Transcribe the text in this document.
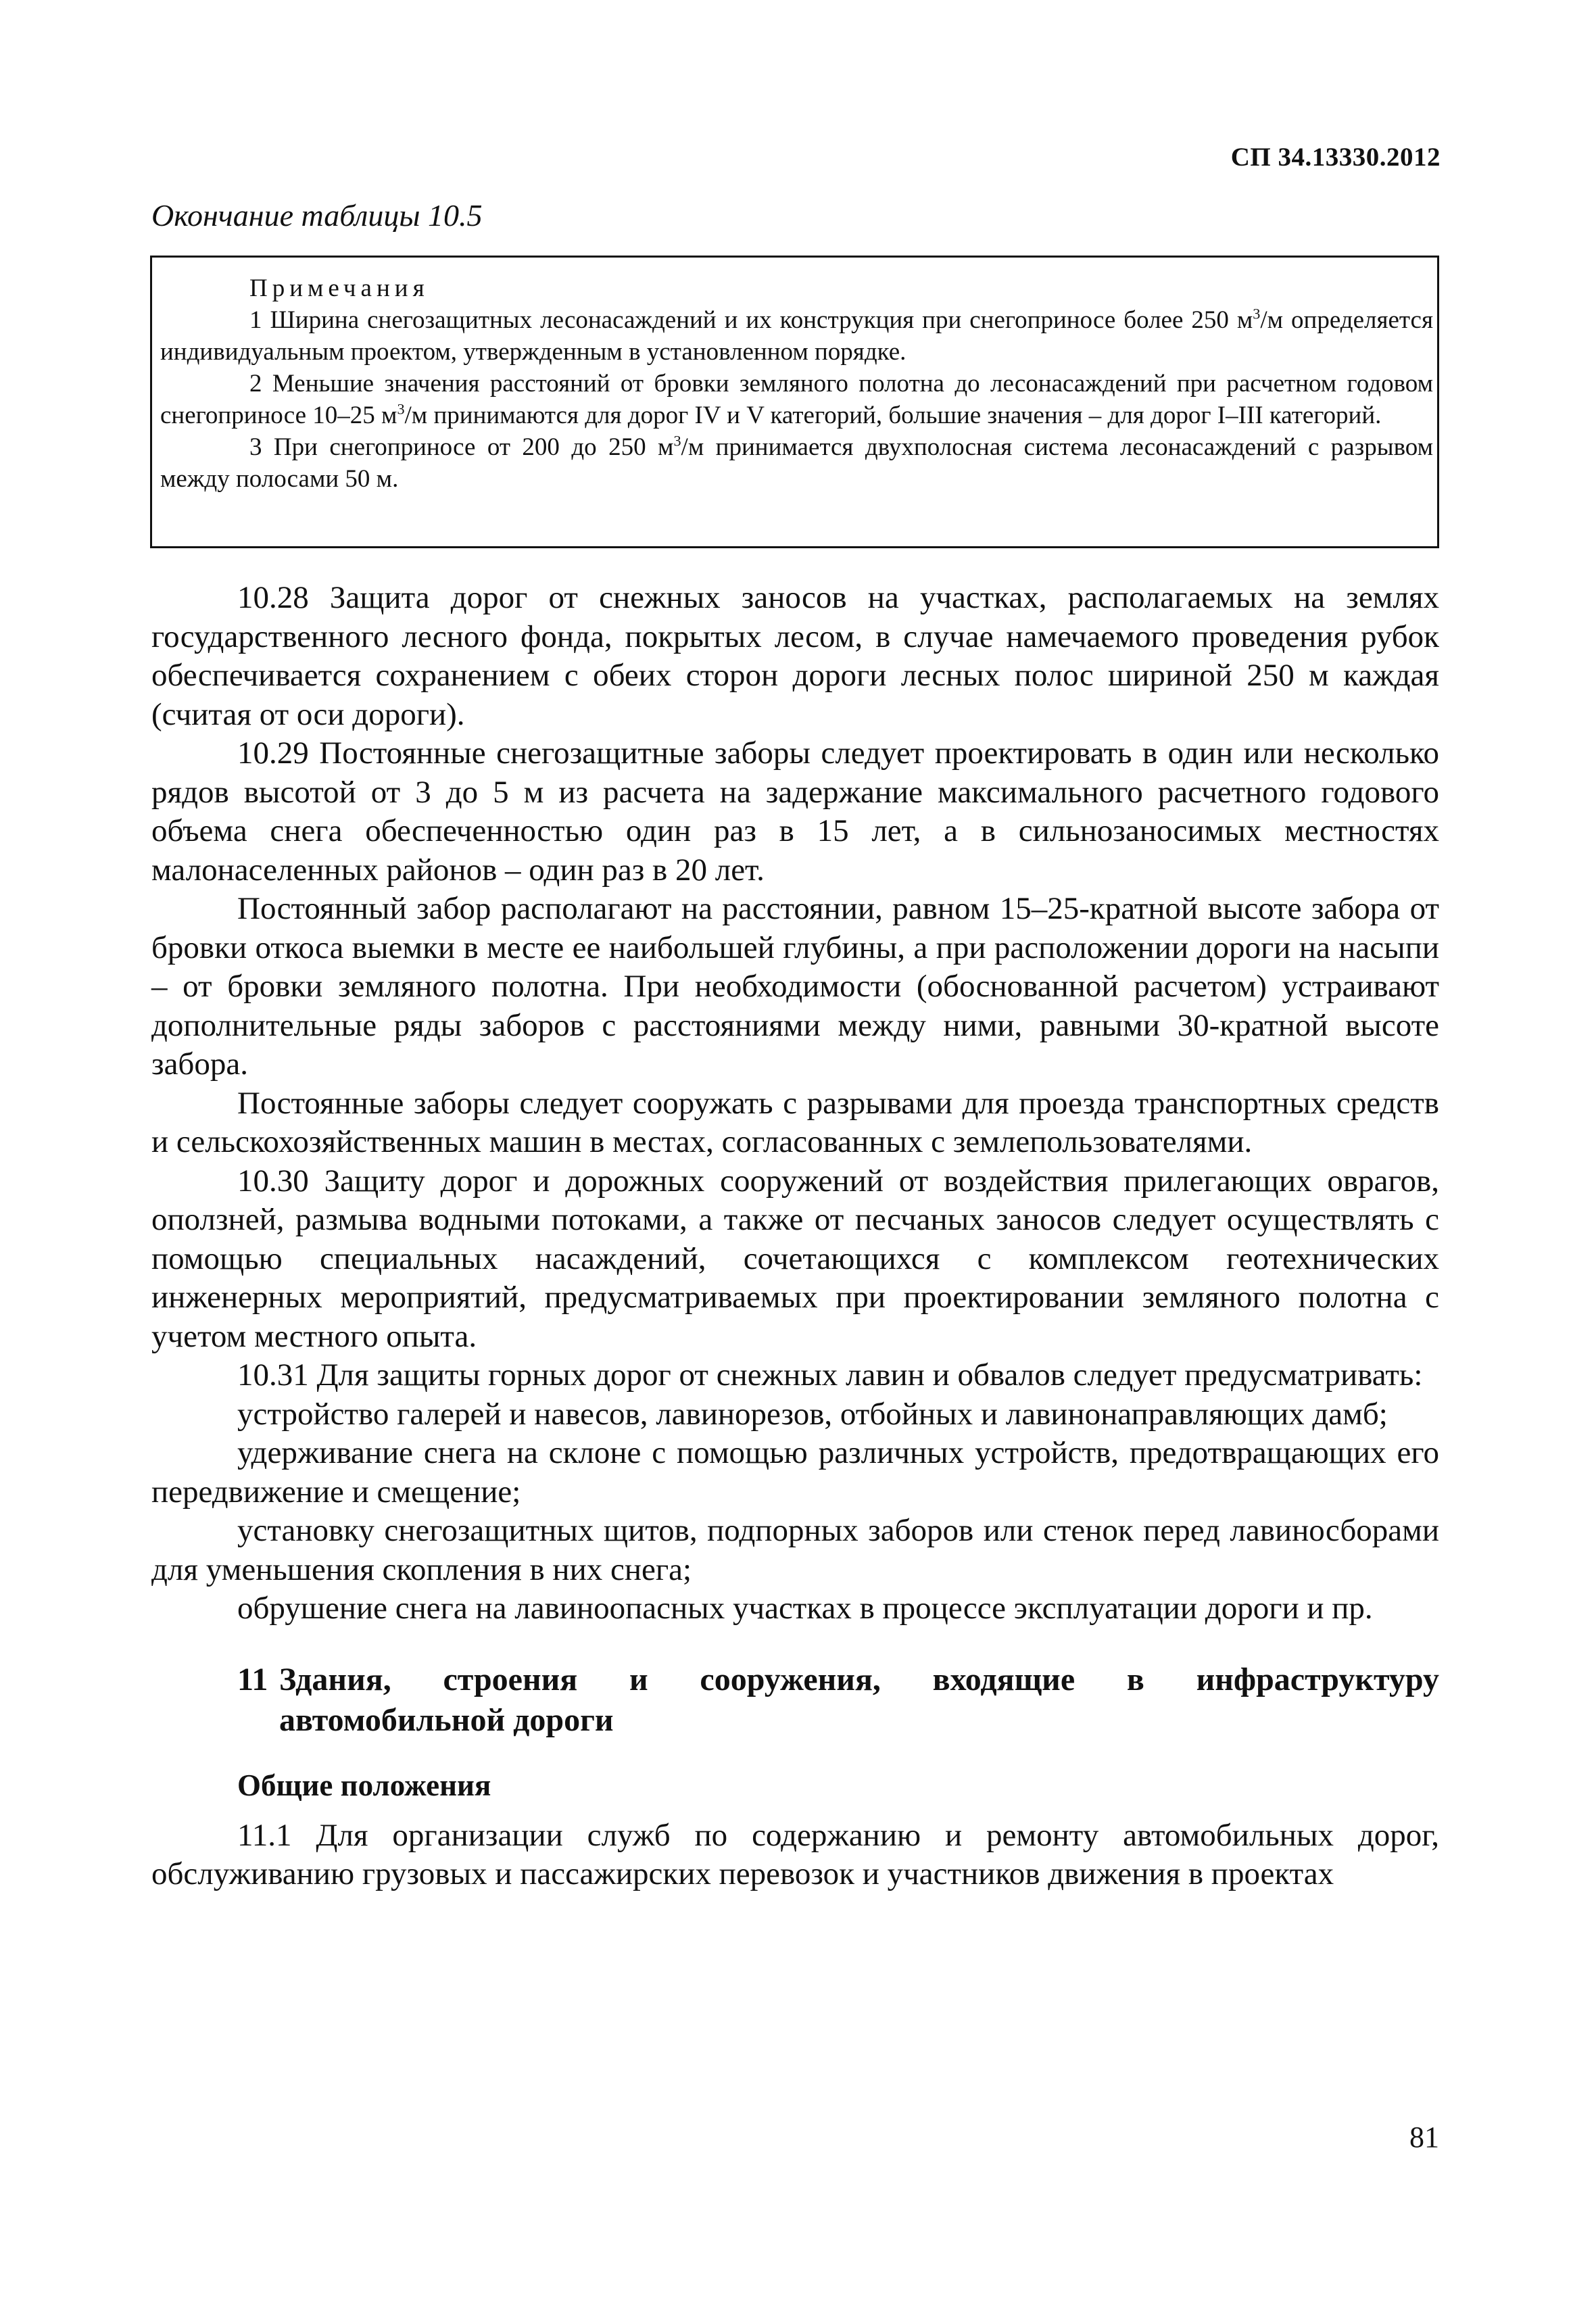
СП 34.13330.2012
Окончание таблицы 10.5
Примечания

1 Ширина снегозащитных лесонасаждений и их конструкция при снегоприносе более 250 $м^3/м$ определяется индивидуальным проектом, утвержденным в установленном порядке.

2 Меньшие значения расстояний от бровки земляного полотна до лесонасаждений при расчетном годовом снегоприносе 10–25 $м^3/м$ принимаются для дорог IV и V категорий, большие значения – для дорог I–III категорий.

3 При снегоприносе от 200 до 250 $м^3/м$ принимается двухполосная система лесонасаждений с разрывом между полосами 50 м.

10.28 Защита дорог от снежных заносов на участках, располагаемых на землях государственного лесного фонда, покрытых лесом, в случае намечаемого проведения рубок обеспечивается сохранением с обеих сторон дороги лесных полос шириной 250 м каждая (считая от оси дороги).

10.29 Постоянные снегозащитные заборы следует проектировать в один или несколько рядов высотой от 3 до 5 м из расчета на задержание максимального расчетного годового объема снега обеспеченностью один раз в 15 лет, а в сильнозаносимых местностях малонаселенных районов – один раз в 20 лет.

Постоянный забор располагают на расстоянии, равном 15–25-кратной высоте забора от бровки откоса выемки в месте ее наибольшей глубины, а при расположении дороги на насыпи – от бровки земляного полотна. При необходимости (обоснованной расчетом) устраивают дополнительные ряды заборов с расстояниями между ними, равными 30-кратной высоте забора.

Постоянные заборы следует сооружать с разрывами для проезда транспортных средств и сельскохозяйственных машин в местах, согласованных с землепользователями.

10.30 Защиту дорог и дорожных сооружений от воздействия прилегающих оврагов, оползней, размыва водными потоками, а также от песчаных заносов следует осуществлять с помощью специальных насаждений, сочетающихся с комплексом геотехнических инженерных мероприятий, предусматриваемых при проектировании земляного полотна с учетом местного опыта.

10.31 Для защиты горных дорог от снежных лавин и обвалов следует предусматривать:

устройство галерей и навесов, лавинорезов, отбойных и лавинонаправляющих дамб;

удерживание снега на склоне с помощью различных устройств, предотвращающих его передвижение и смещение;

установку снегозащитных щитов, подпорных заборов или стенок перед лавиносборами для уменьшения скопления в них снега;

обрушение снега на лавиноопасных участках в процессе эксплуатации дороги и пр.

11 Здания, строения и сооружения, входящие в инфраструктуру
автомобильной дороги
Общие положения

11.1 Для организации служб по содержанию и ремонту автомобильных дорог, обслуживанию грузовых и пассажирских перевозок и участников движения в проектах

81
